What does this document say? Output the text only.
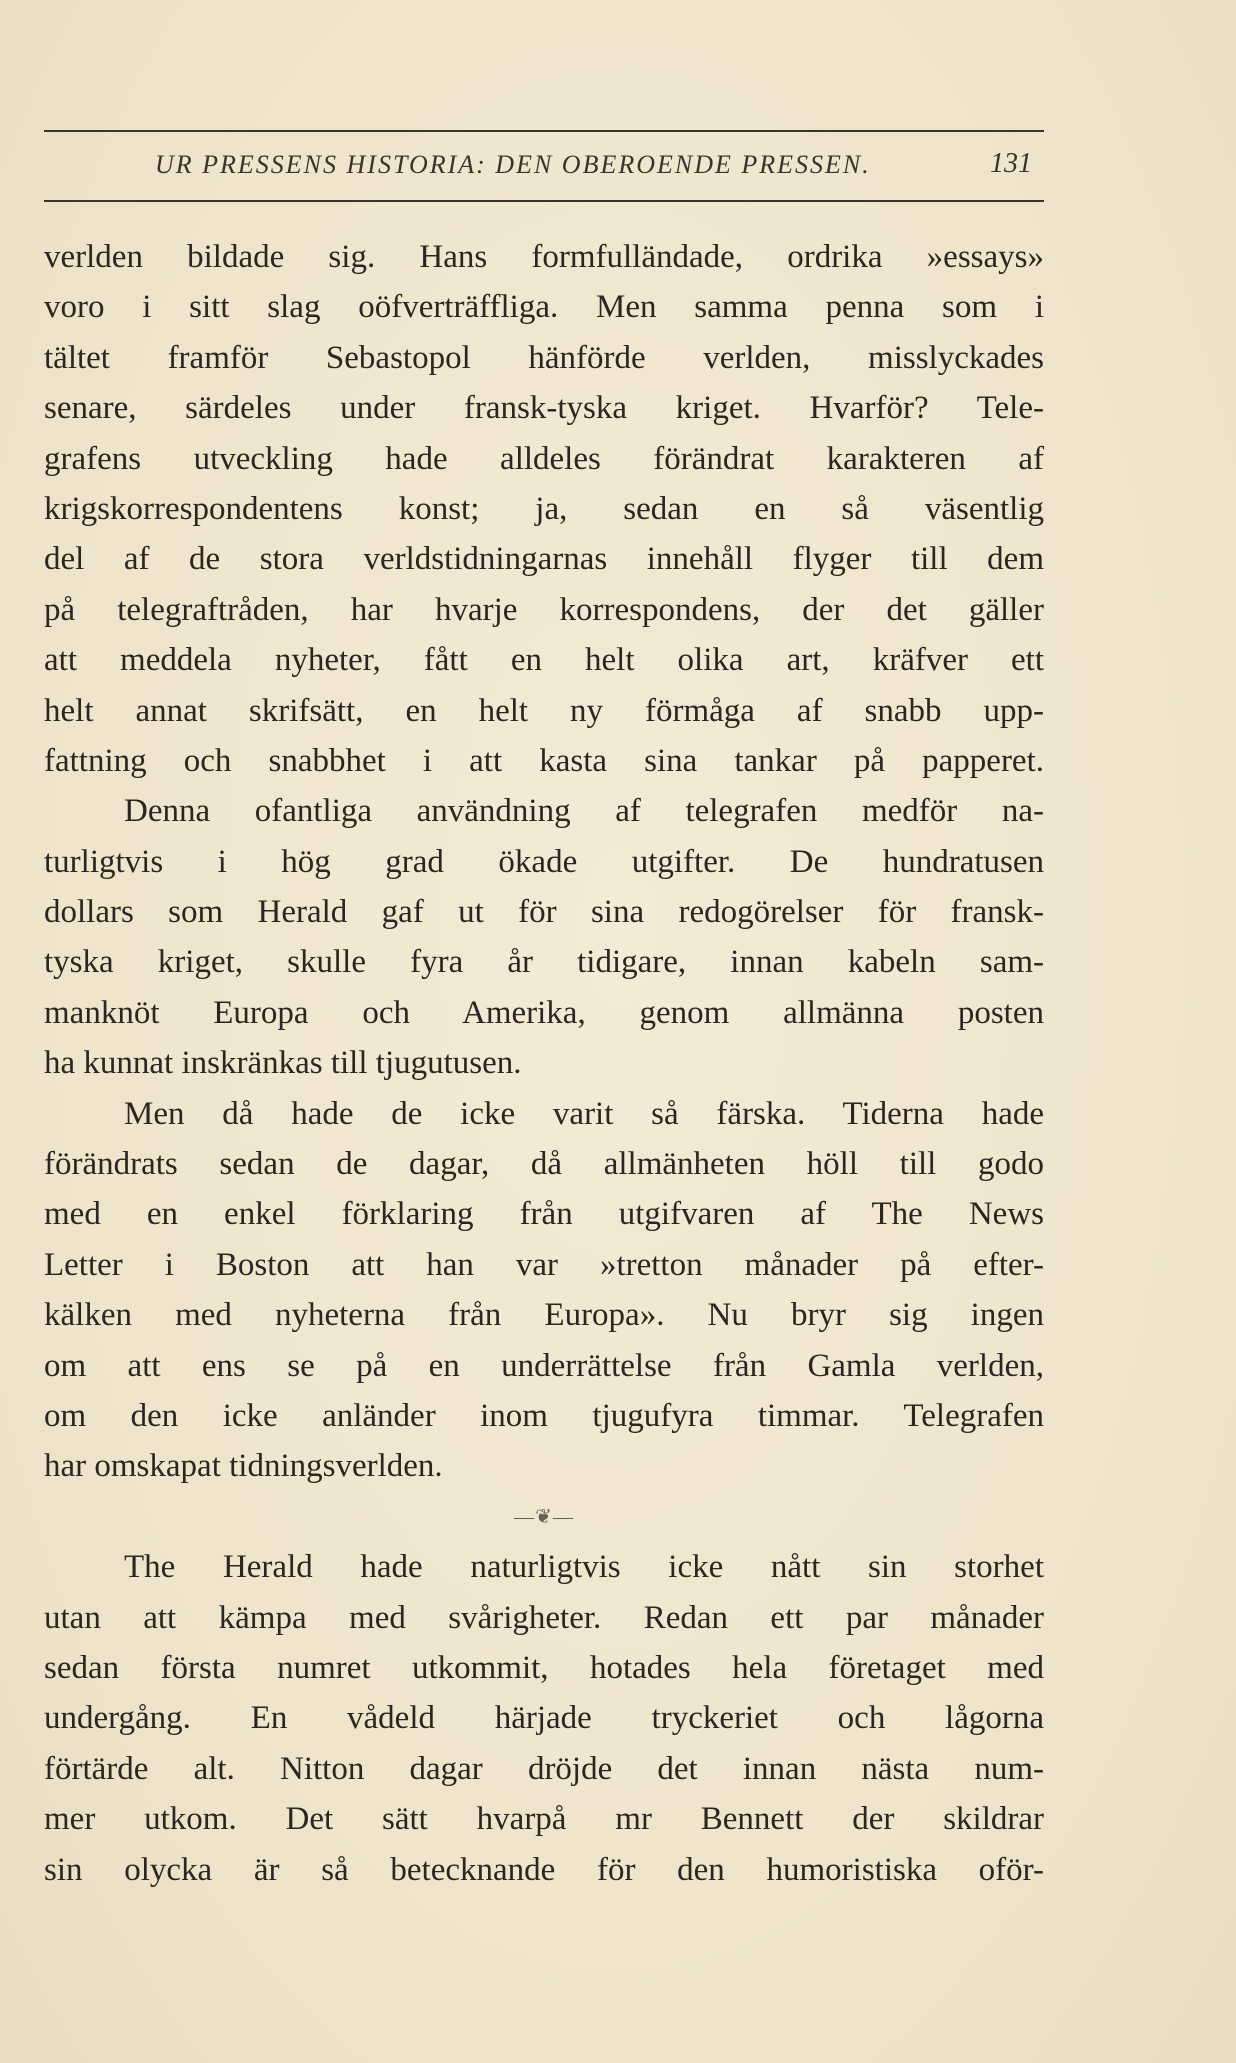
UR PRESSENS HISTORIA: DEN OBEROENDE PRESSEN.	131
verlden bildade sig. Hans formfulländade, ordrika »essays»
voro i sitt slag oöfverträffliga. Men samma penna som i
tältet framför Sebastopol hänförde verlden, misslyckades
senare, särdeles under fransk-tyska kriget. Hvarför? Tele-
grafens utveckling hade alldeles förändrat karakteren af
krigskorrespondentens konst; ja, sedan en så väsentlig
del af de stora verldstidningarnas innehåll flyger till dem
på telegraftråden, har hvarje korrespondens, der det gäller
att meddela nyheter, fått en helt olika art, kräfver ett
helt annat skrifsätt, en helt ny förmåga af snabb upp-
fattning och snabbhet i att kasta sina tankar på papperet.
Denna ofantliga användning af telegrafen medför na-
turligtvis i hög grad ökade utgifter. De hundratusen
dollars som Herald gaf ut för sina redogörelser för fransk-
tyska kriget, skulle fyra år tidigare, innan kabeln sam-
manknöt Europa och Amerika, genom allmänna posten
ha kunnat inskränkas till tjugutusen.
Men då hade de icke varit så färska. Tiderna hade
förändrats sedan de dagar, då allmänheten höll till godo
med en enkel förklaring från utgifvaren af The News
Letter i Boston att han var »tretton månader på efter-
kälken med nyheterna från Europa». Nu bryr sig ingen
om att ens se på en underrättelse från Gamla verlden,
om den icke anländer inom tjugufyra timmar. Telegrafen
har omskapat tidningsverlden.
—❦—
The Herald hade naturligtvis icke nått sin storhet
utan att kämpa med svårigheter. Redan ett par månader
sedan första numret utkommit, hotades hela företaget med
undergång. En vådeld härjade tryckeriet och lågorna
förtärde alt. Nitton dagar dröjde det innan nästa num-
mer utkom. Det sätt hvarpå mr Bennett der skildrar
sin olycka är så betecknande för den humoristiska oför-
